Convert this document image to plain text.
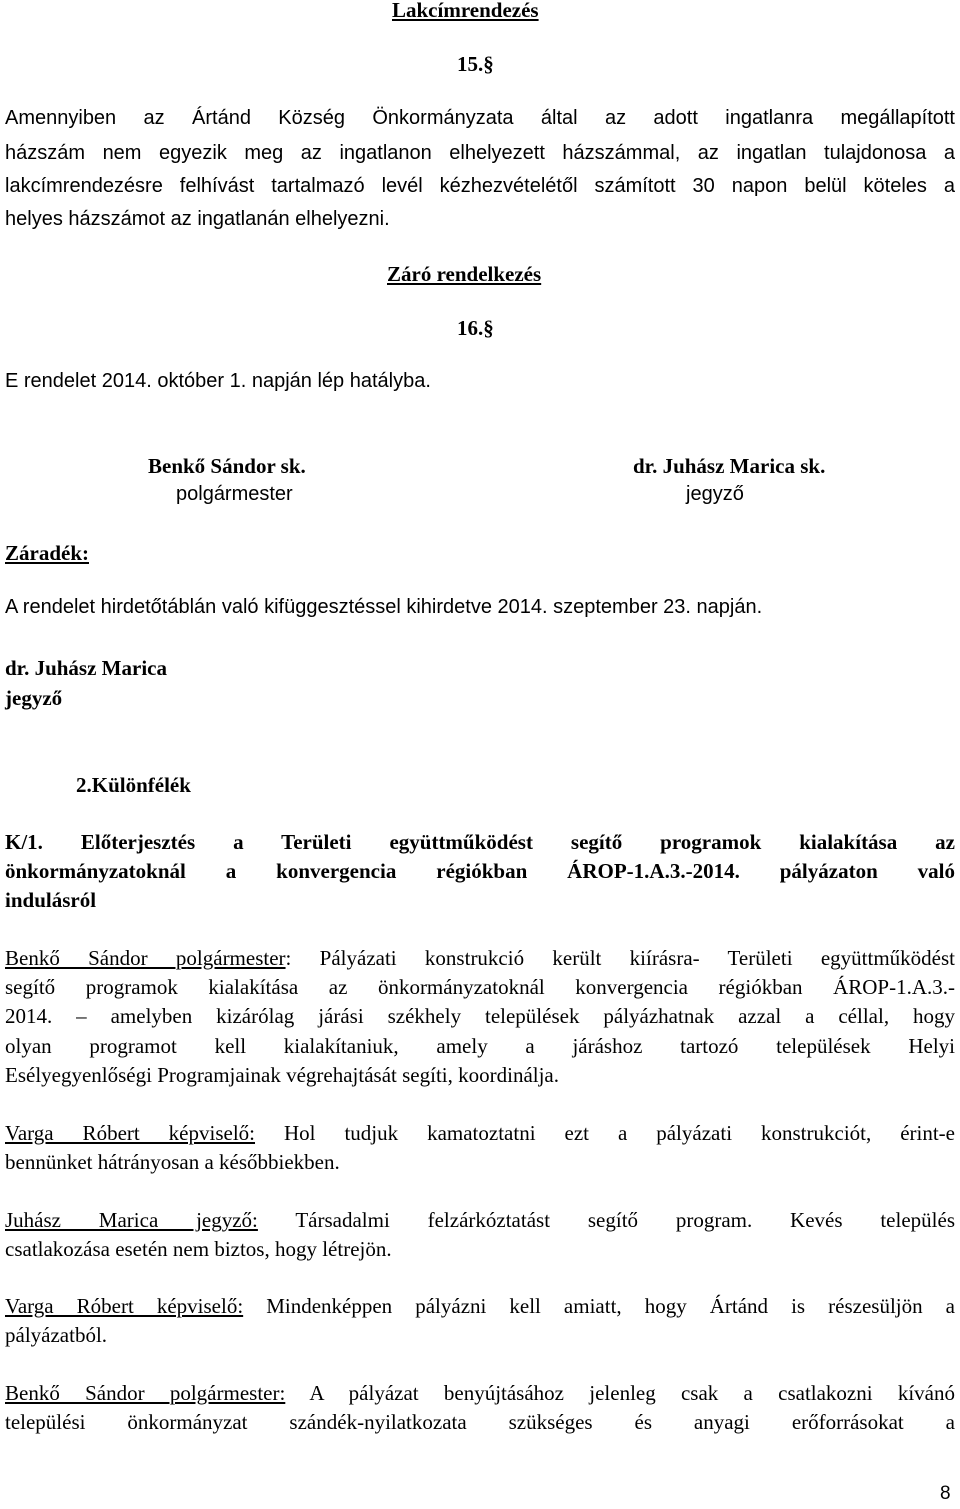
Lakcímrendezés
15.§
Amennyiben az Ártánd Község Önkormányzata által az adott ingatlanra megállapított
házszám nem egyezik meg az ingatlanon elhelyezett házszámmal, az ingatlan tulajdonosa a
lakcímrendezésre felhívást tartalmazó levél kézhezvételétől számított 30 napon belül köteles a
helyes házszámot az ingatlanán elhelyezni.
Záró rendelkezés
16.§
E rendelet 2014. október 1. napján lép hatályba.
Benkő Sándor sk.
polgármester
dr. Juhász Marica sk.
jegyző
Záradék:
A rendelet hirdetőtáblán való kifüggesztéssel kihirdetve 2014. szeptember 23. napján.
dr. Juhász Marica
jegyző
2.Különfélék
K/1. Előterjesztés a Területi együttműködést segítő programok kialakítása az
önkormányzatoknál a konvergencia régiókban ÁROP-1.A.3.-2014. pályázaton való
indulásról
Benkő Sándor polgármester: Pályázati konstrukció került kiírásra- Területi együttműködést
segítő programok kialakítása az önkormányzatoknál konvergencia régiókban ÁROP-1.A.3.-
2014. – amelyben kizárólag járási székhely települések pályázhatnak azzal a céllal, hogy
olyan programot kell kialakítaniuk, amely a járáshoz tartozó települések Helyi
Esélyegyenlőségi Programjainak végrehajtását segíti, koordinálja.
Varga Róbert képviselő: Hol tudjuk kamatoztatni ezt a pályázati konstrukciót, érint-e
bennünket hátrányosan a későbbiekben.
Juhász Marica jegyző: Társadalmi felzárkóztatást segítő program. Kevés település
csatlakozása esetén nem biztos, hogy létrejön.
Varga Róbert képviselő: Mindenképpen pályázni kell amiatt, hogy Ártánd is részesüljön a
pályázatból.
Benkő Sándor polgármester: A pályázat benyújtásához jelenleg csak a csatlakozni kívánó
települési önkormányzat szándék-nyilatkozata szükséges és anyagi erőforrásokat a
8
